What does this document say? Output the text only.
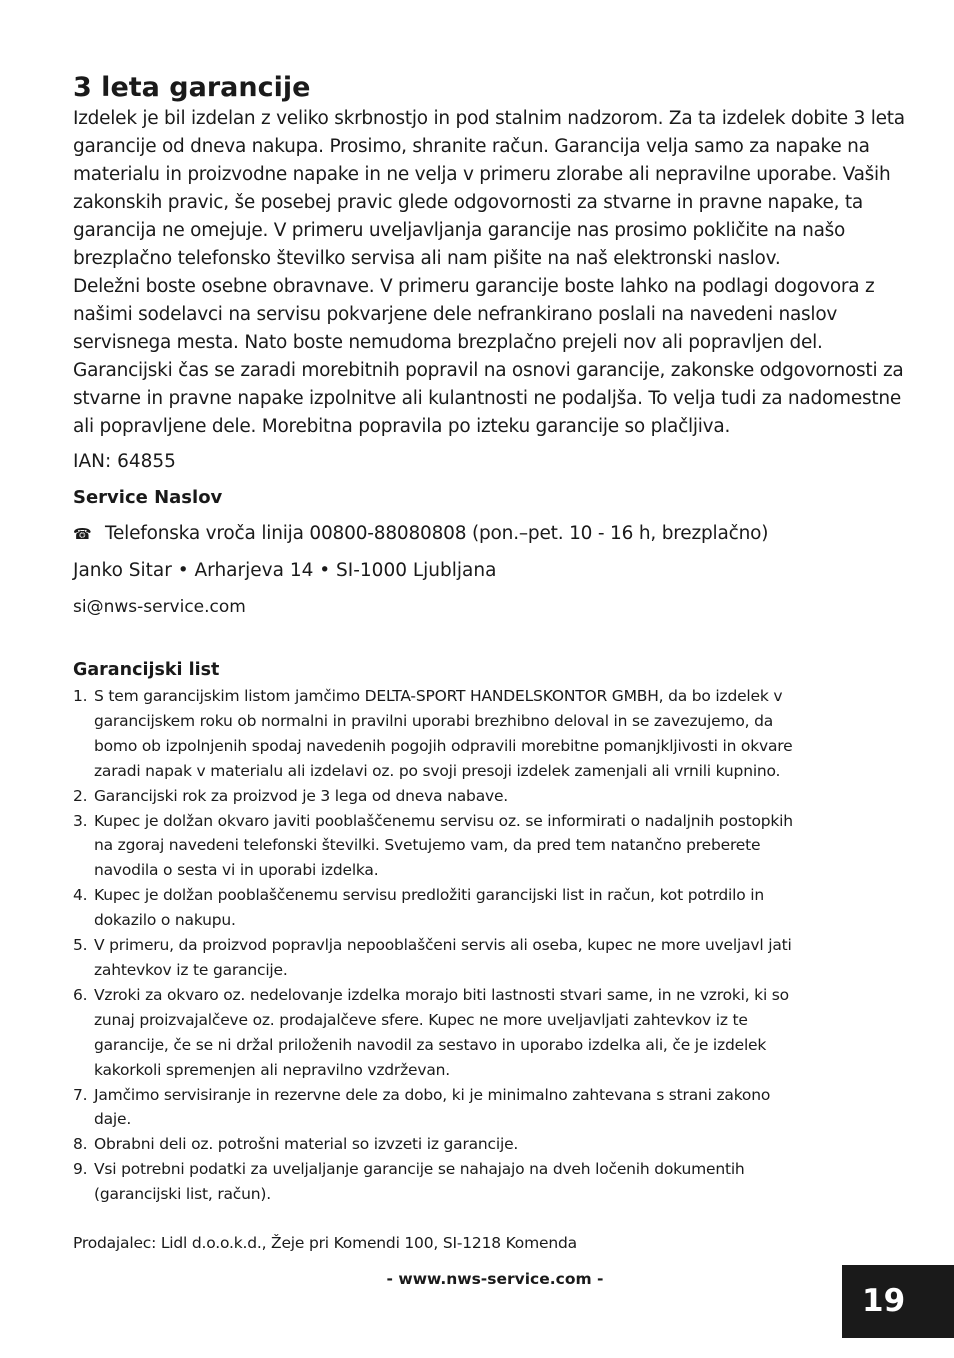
3 leta garancije

Izdelek je bil izdelan z veliko skrbnostjo in pod stalnim nadzorom. Za ta izdelek dobite 3 leta garancije od dneva nakupa. Prosimo, shranite račun. Garancija velja samo za napake na materialu in proizvodne napake in ne velja v primeru zlorabe ali nepravilne uporabe. Vaših zakonskih pravic, še posebej pravic glede odgovornosti za stvarne in pravne napake, ta garancija ne omejuje. V primeru uveljavljanja garancije nas prosimo pokličite na našo brezplačno telefonsko številko servisa ali nam pišite na naš elektronski naslov.

Deležni boste osebne obravnave. V primeru garancije boste lahko na podlagi dogovora z našimi sodelavci na servisu pokvarjene dele nefrankirano poslali na navedeni naslov servisnega mesta. Nato boste nemudoma brezplačno prejeli nov ali popravljen del. Garancijski čas se zaradi morebitnih popravil na osnovi garancije, zakonske odgovornosti za stvarne in pravne napake izpolnitve ali kulantnosti ne podaljša. To velja tudi za nadomestne ali popravljene dele. Morebitna popravila po izteku garancije so plačljiva.

IAN: 64855
Service Naslov
☎ Telefonska vroča linija 00800-88080808 (pon.–pet. 10 - 16 h, brezplačno)
Janko Sitar • Arharjeva 14 • SI-1000 Ljubljana
si@nws-service.com
Garancijski list
1. S tem garancijskim listom jamčimo DELTA-SPORT HANDELSKONTOR GMBH, da bo izdelek v garancijskem roku ob normalni in pravilni uporabi brezhibno deloval in se zavezujemo, da bomo ob izpolnjenih spodaj navedenih pogojih odpravili morebitne pomanjkljivosti in okvare zaradi napak v materialu ali izdelavi oz. po svoji presoji izdelek zamenjali ali vrnili kupnino.
2. Garancijski rok za proizvod je 3 lega od dneva nabave.
3. Kupec je dolžan okvaro javiti pooblaščenemu servisu oz. se informirati o nadaljnih postopkih na zgoraj navedeni telefonski številki. Svetujemo vam, da pred tem natančno preberete navodila o sesta vi in uporabi izdelka.
4. Kupec je dolžan pooblaščenemu servisu predložiti garancijski list in račun, kot potrdilo in dokazilo o nakupu.
5. V primeru, da proizvod popravlja nepooblaščeni servis ali oseba, kupec ne more uveljavl jati zahtevkov iz te garancije.
6. Vzroki za okvaro oz. nedelovanje izdelka morajo biti lastnosti stvari same, in ne vzroki, ki so zunaj proizvajalčeve oz. prodajalčeve sfere. Kupec ne more uveljavljati zahtevkov iz te garancije, če se ni držal priloženih navodil za sestavo in uporabo izdelka ali, če je izdelek kakorkoli spremenjen ali nepravilno vzdrževan.
7. Jamčimo servisiranje in rezervne dele za dobo, ki je minimalno zahtevana s strani zakono daje.
8. Obrabni deli oz. potrošni material so izvzeti iz garancije.
9. Vsi potrebni podatki za uveljaljanje garancije se nahajajo na dveh ločenih dokumentih (garancijski list, račun).
Prodajalec: Lidl d.o.o.k.d., Žeje pri Komendi 100, SI-1218 Komenda
- www.nws-service.com -
19
